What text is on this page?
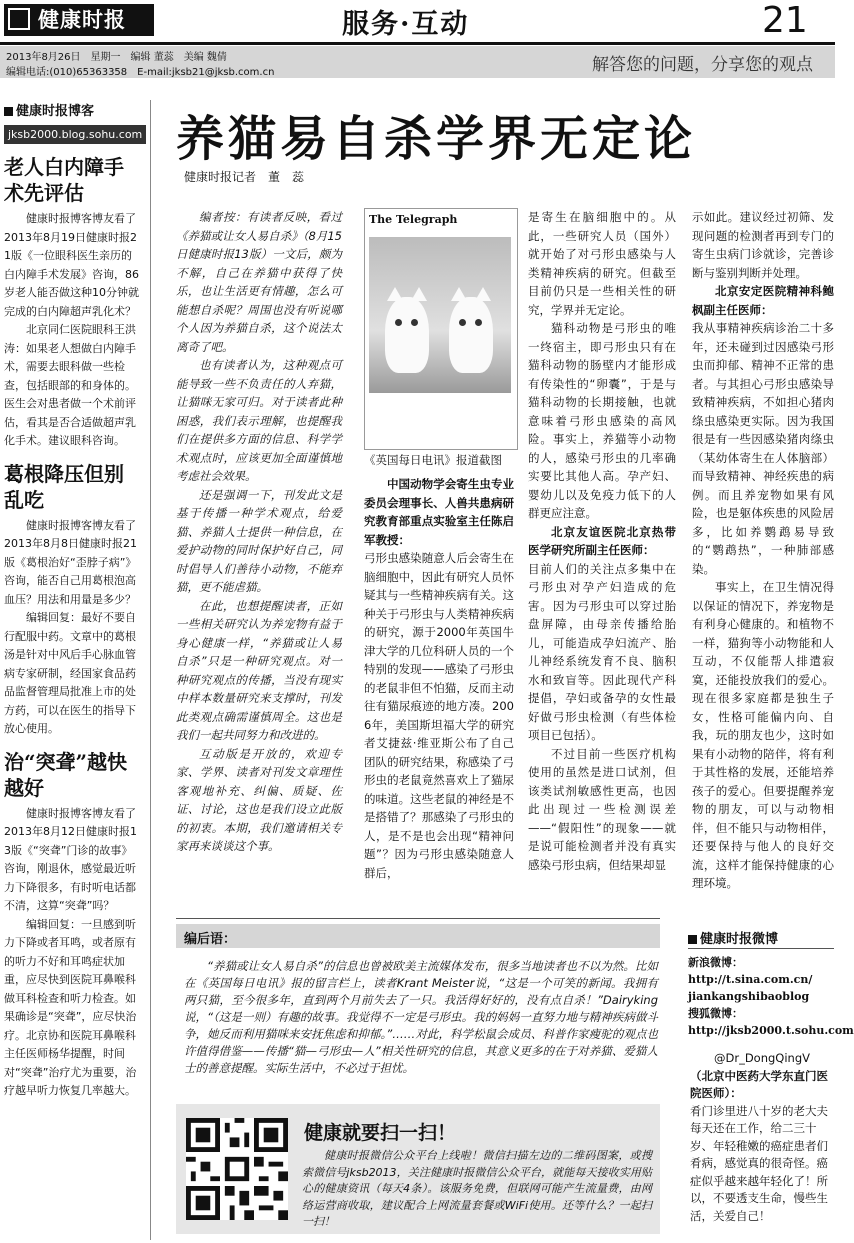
健康时报	服务·互动	21
2013年8月26日　星期一　编辑 董蕊　美编 魏倩
编辑电话:(010)65363358　E-mail:jksb21@jksb.com.cn	解答您的问题，分享您的观点
健康时报博客
jksb2000.blog.sohu.com
老人白内障手术先评估

健康时报博客博友看了2013年8月19日健康时报21版《一位眼科医生亲历的白内障手术发展》咨询，86岁老人能否做这种10分钟就完成的白内障超声乳化术？

北京同仁医院眼科王洪涛：如果老人想做白内障手术，需要去眼科做一些检查，包括眼部的和身体的。医生会对患者做一个术前评估，看其是否合适做超声乳化手术。建议眼科咨询。

葛根降压但别乱吃

健康时报博客博友看了2013年8月8日健康时报21版《葛根治好“歪脖子病”》咨询，能否自己用葛根泡高血压？用法和用量是多少？

编辑回复：最好不要自行配服中药。文章中的葛根汤是针对中风后手心脉血管病专家研制，经国家食品药品监督管理局批准上市的处方药，可以在医生的指导下放心使用。

治“突聋”越快越好

健康时报博客博友看了2013年8月12日健康时报13版《“突聋”门诊的故事》咨询，刚退休，感觉最近听力下降很多，有时听电话都不清，这算“突聋”吗？

编辑回复：一旦感到听力下降或者耳鸣，或者原有的听力不好和耳鸣症状加重，应尽快到医院耳鼻喉科做耳科检查和听力检查。如果确诊是“突聋”，应尽快治疗。北京协和医院耳鼻喉科主任医师杨华提醒，时间对“突聋”治疗尤为重要，治疗越早听力恢复几率越大。

养猫易自杀学界无定论
健康时报记者　董　蕊

编者按：有读者反映，看过《养猫或让女人易自杀》（8月15日健康时报13版）一文后，颇为不解，自己在养猫中获得了快乐，也让生活更有情趣，怎么可能想自杀呢？周围也没有听说哪个人因为养猫自杀，这个说法太离奇了吧。

也有读者认为，这种观点可能导致一些不负责任的人弃猫，让猫咪无家可归。对于读者此种困惑，我们表示理解，也提醒我们在提供多方面的信息、科学学术观点时，应该更加全面谨慎地考虑社会效果。

还是强调一下，刊发此文是基于传播一种学术观点，给爱猫、养猫人士提供一种信息，在爱护动物的同时保护好自己，同时倡导人们善待小动物，不能弃猫，更不能虐猫。

在此，也想提醒读者，正如一些相关研究认为养宠物有益于身心健康一样，“养猫或让人易自杀”只是一种研究观点。对一种研究观点的传播，当没有现实中样本数量研究来支撑时，刊发此类观点确需谨慎周全。这也是我们一起共同努力和改进的。

互动版是开放的，欢迎专家、学界、读者对刊发文章理性客观地补充、纠偏、质疑、佐证、讨论，这也是我们设立此版的初衷。本期，我们邀请相关专家再来谈谈这个事。

The Telegraph
《英国每日电讯》报道截图

中国动物学会寄生虫专业委员会理事长、人兽共患病研究教育部重点实验室主任陈启军教授：

弓形虫感染随意人后会寄生在脑细胞中，因此有研究人员怀疑其与一些精神疾病有关。这种关于弓形虫与人类精神疾病的研究，源于2000年英国牛津大学的几位科研人员的一个特别的发现——感染了弓形虫的老鼠非但不怕猫，反而主动往有猫尿痕迹的地方凑。2006年，美国斯坦福大学的研究者艾捷兹·维亚斯公布了自己团队的研究结果，称感染了弓形虫的老鼠竟然喜欢上了猫尿的味道。这些老鼠的神经是不是搭错了？那感染了弓形虫的人，是不是也会出现“精神问题”？因为弓形虫感染随意人群后，

是寄生在脑细胞中的。从此，一些研究人员（国外）就开始了对弓形虫感染与人类精神疾病的研究。但截至目前仍只是一些相关性的研究，学界并无定论。

猫科动物是弓形虫的唯一终宿主，即弓形虫只有在猫科动物的肠壁内才能形成有传染性的“卵囊”，于是与猫科动物的长期接触，也就意味着弓形虫感染的高风险。事实上，养猫等小动物的人，感染弓形虫的几率确实要比其他人高。孕产妇、婴幼儿以及免疫力低下的人群更应注意。

北京友谊医院北京热带医学研究所副主任医师：

目前人们的关注点多集中在弓形虫对孕产妇造成的危害。因为弓形虫可以穿过胎盘屏障，由母亲传播给胎儿，可能造成孕妇流产、胎儿神经系统发育不良、脑积水和致盲等。因此现代产科提倡，孕妇或备孕的女性最好做弓形虫检测（有些体检项目已包括）。

不过目前一些医疗机构使用的虽然是进口试剂，但该类试剂敏感性更高，也因此出现过一些检测误差——“假阳性”的现象——就是说可能检测者并没有真实感染弓形虫病，但结果却显

示如此。建议经过初筛、发现问题的检测者再到专门的寄生虫病门诊就诊，完善诊断与鉴别判断并处理。

北京安定医院精神科鲍枫副主任医师：

我从事精神疾病诊治二十多年，还未碰到过因感染弓形虫而抑郁、精神不正常的患者。与其担心弓形虫感染导致精神疾病，不如担心猪肉绦虫感染更实际。因为我国很是有一些因感染猪肉绦虫（某幼体寄生在人体脑部）而导致精神、神经疾患的病例。而且养宠物如果有风险，也是躯体疾患的风险居多，比如养鹦鹉易导致的“鹦鹉热”，一种肺部感染。

事实上，在卫生情况得以保证的情况下，养宠物是有利身心健康的。和植物不一样，猫狗等小动物能和人互动，不仅能帮人排遣寂寞，还能投放我们的爱心。现在很多家庭都是独生子女，性格可能偏内向、自我，玩的朋友也少，这时如果有小动物的陪伴，将有利于其性格的发展，还能培养孩子的爱心。但要提醒养宠物的朋友，可以与动物相伴，但不能只与动物相伴，还要保持与他人的良好交流，这样才能保持健康的心理环境。

编后语：

“养猫或让女人易自杀”的信息也曾被欧美主流媒体发布，很多当地读者也不以为然。比如在《英国每日电讯》报的留言栏上，读者Krant Meister说，“这是一个可笑的新闻。我拥有两只猫，至今很多年，直到两个月前失去了一只。我活得好好的，没有点自杀！”Dairyking说，“（这是一则）有趣的故事。我觉得不一定是弓形虫。我的妈妈一直努力地与精神疾病做斗争，她反而利用猫咪来安抚焦虑和抑郁。”……对此，科学松鼠会成员、科普作家瘦驼的观点也许值得借鉴——传播“猫—弓形虫—人”相关性研究的信息，其意义更多的在于对养猫、爱猫人士的善意提醒。实际生活中，不必过于担忧。

健康就要扫一扫！

健康时报微信公众平台上线啦！微信扫描左边的二维码图案，或搜索微信号jksb2013，关注健康时报微信公众平台，就能每天接收实用贴心的健康资讯（每天4条）。该服务免费，但联网可能产生流量费，由网络运营商收取，建议配合上网流量套餐或WiFi使用。还等什么？一起扫一扫！

健康时报微博
新浪微博：
http://t.sina.com.cn/
jiankangshibaoblog
搜狐微博：
http://jksb2000.t.sohu.com
@Dr_DongQingV
（北京中医药大学东直门医院医师）：
肴门诊里进八十岁的老大夫每天还在工作，给二三十岁、年轻稚嫩的癌症患者们肴病，感觉真的很奇怪。癌症似乎越来越年轻化了！所以，不要透支生命，慢些生活，关爱自己！
